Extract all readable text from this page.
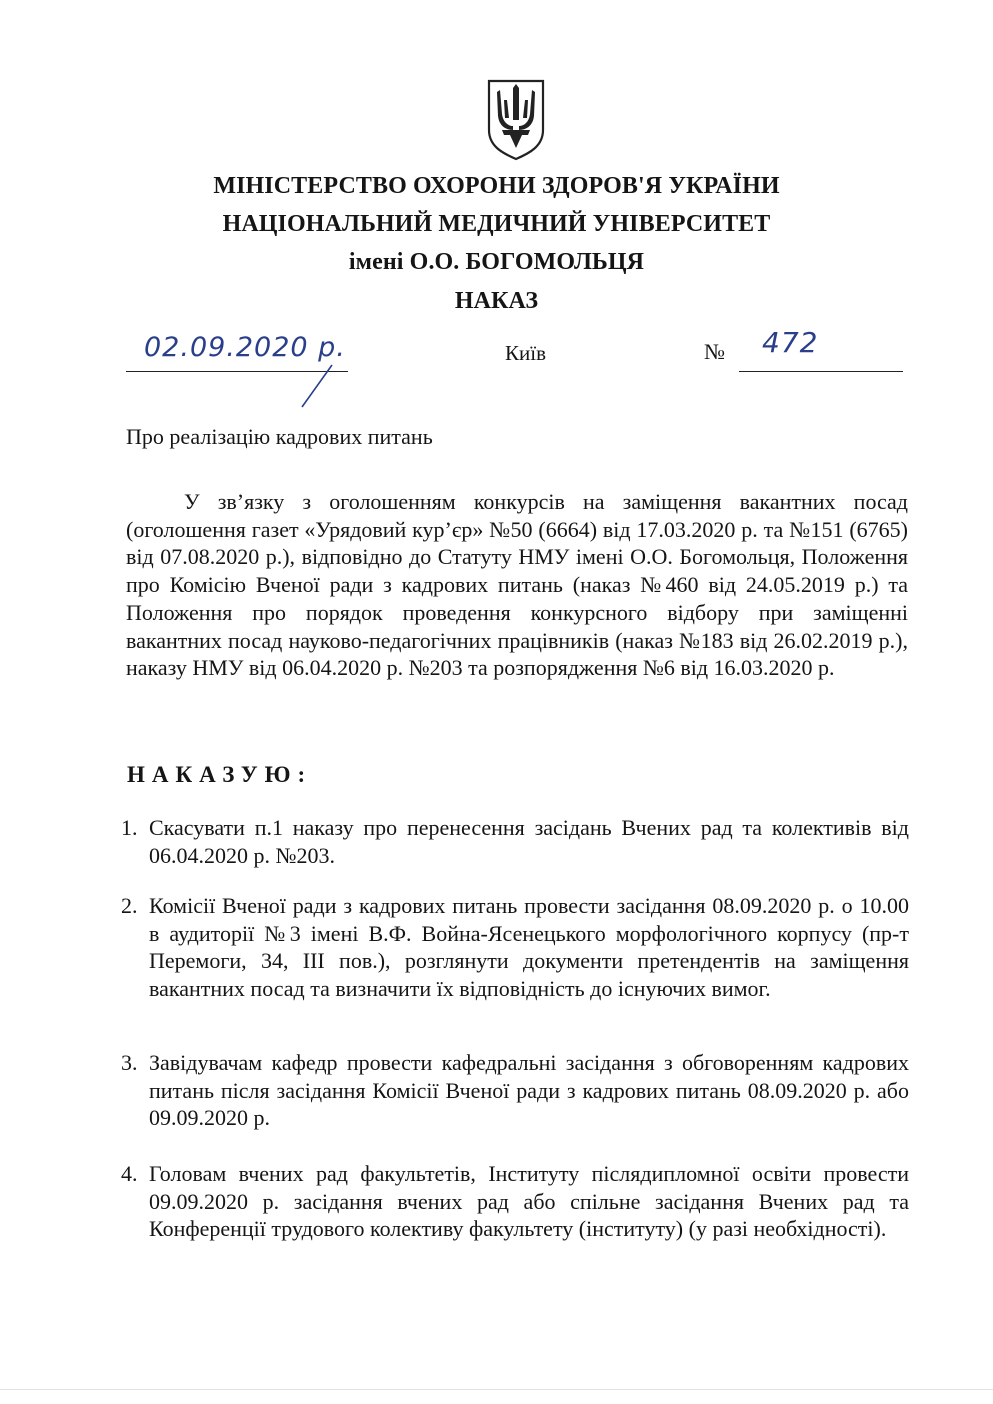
МІНІСТЕРСТВО ОХОРОНИ ЗДОРОВ'Я УКРАЇНИ
НАЦІОНАЛЬНИЙ МЕДИЧНИЙ УНІВЕРСИТЕТ
імені О.О. БОГОМОЛЬЦЯ
НАКАЗ
02.09.2020 р.	Київ	№ 472
Про реалізацію кадрових питань

У зв’язку з оголошенням конкурсів на заміщення вакантних посад (оголошення газет «Урядовий кур’єр» №50 (6664) від 17.03.2020 р. та №151 (6765) від 07.08.2020 р.), відповідно до Статуту НМУ імені О.О. Богомольця, Положення про Комісію Вченої ради з кадрових питань (наказ №460 від 24.05.2019 р.) та Положення про порядок проведення конкурсного відбору при заміщенні вакантних посад науково-педагогічних працівників (наказ №183 від 26.02.2019 р.), наказу НМУ від 06.04.2020 р. №203 та розпорядження №6 від 16.03.2020 р.

НАКАЗУЮ:
1. Скасувати п.1 наказу про перенесення засідань Вчених рад та колективів від 06.04.2020 р. №203.

2. Комісії Вченої ради з кадрових питань провести засідання 08.09.2020 р. о 10.00 в аудиторії №3 імені В.Ф. Война-Ясенецького морфологічного корпусу (пр-т Перемоги, 34, ІІІ пов.), розглянути документи претендентів на заміщення вакантних посад та визначити їх відповідність до існуючих вимог.

3. Завідувачам кафедр провести кафедральні засідання з обговоренням кадрових питань після засідання Комісії Вченої ради з кадрових питань 08.09.2020 р. або 09.09.2020 р.

4. Головам вчених рад факультетів, Інституту післядипломної освіти провести 09.09.2020 р. засідання вчених рад або спільне засідання Вчених рад та Конференції трудового колективу факультету (інституту) (у разі необхідності).
